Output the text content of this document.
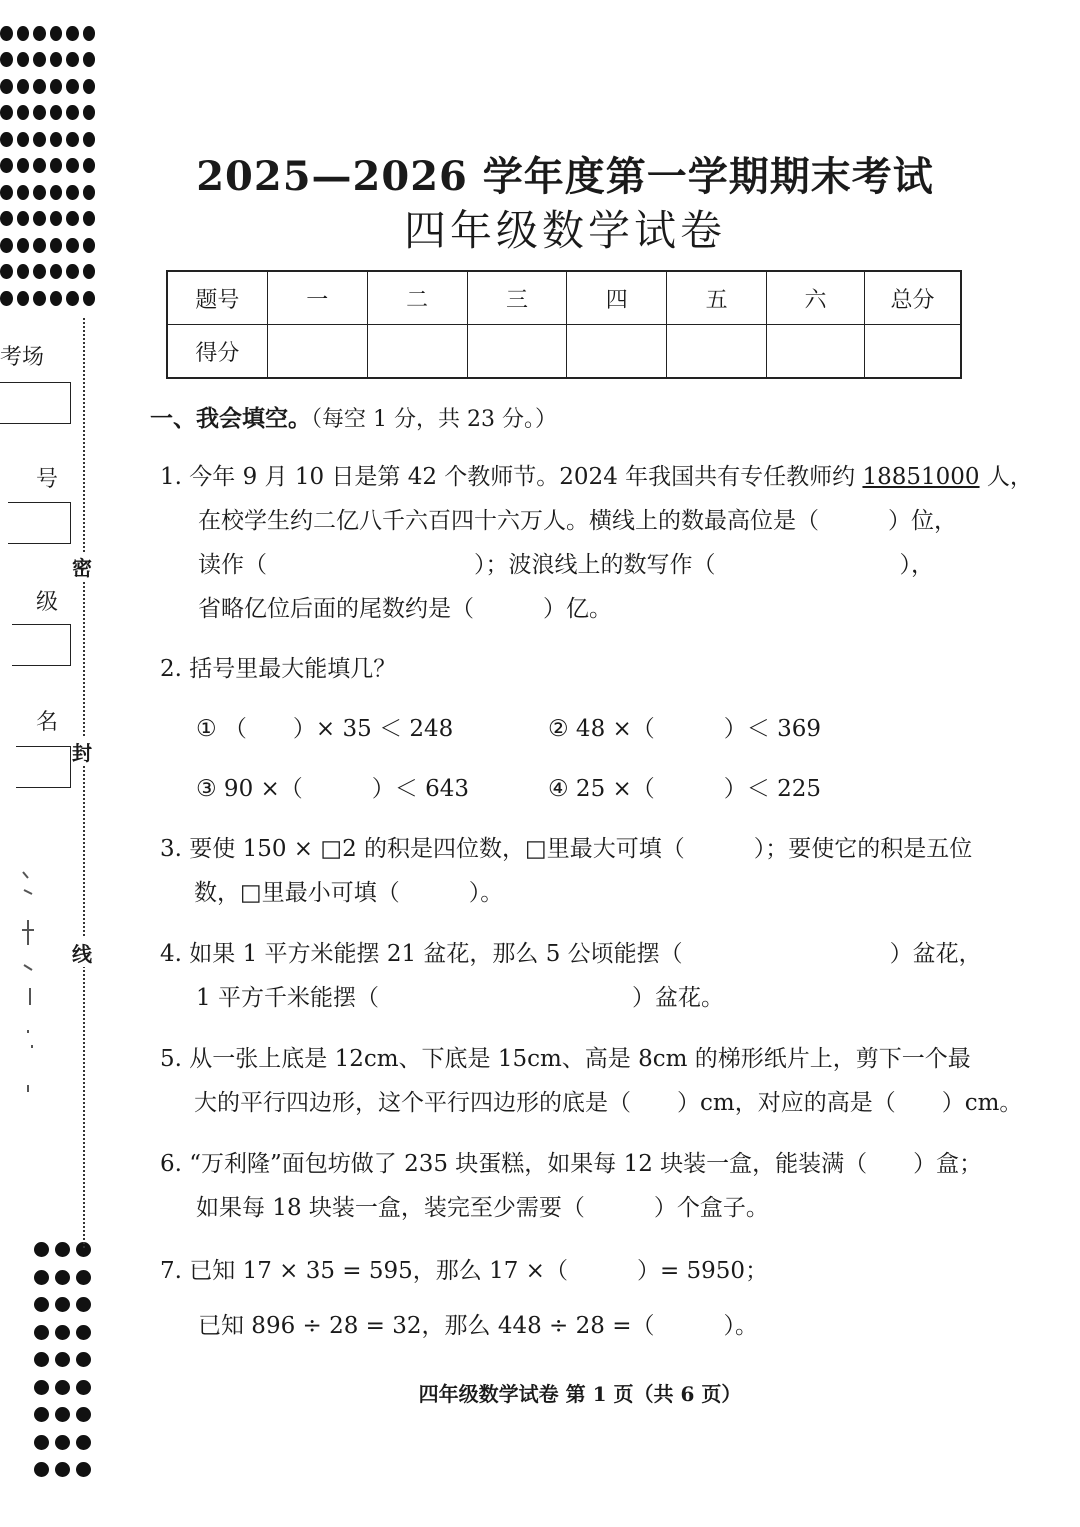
考场
号
级
名
密
封
线
2025—2026 学年度第一学期期末考试
四年级数学试卷
题号	一	二	三	四	五	六	总分
得分							
一、我会填空。（每空 1 分，共 23 分。）
1. 今年 9 月 10 日是第 42 个教师节。2024 年我国共有专任教师约 18851000 人，
在校学生约二亿八千六百四十六万人。横线上的数最高位是（　　　）位，
读作（　　　　　　　　　）；波浪线上的数写作（　　　　　　　　），
省略亿位后面的尾数约是（　　　）亿。
2. 括号里最大能填几？
① （　　）× 35 ＜ 248	② 48 ×（　　　）＜ 369
③ 90 ×（　　　）＜ 643	④ 25 ×（　　　）＜ 225
3. 要使 150 × □2 的积是四位数，□里最大可填（　　　）；要使它的积是五位
数，□里最小可填（　　　）。
4. 如果 1 平方米能摆 21 盆花，那么 5 公顷能摆（　　　　　　　　　）盆花，
1 平方千米能摆（　　　　　　　　　　　）盆花。
5. 从一张上底是 12cm、下底是 15cm、高是 8cm 的梯形纸片上，剪下一个最
大的平行四边形，这个平行四边形的底是（　　）cm，对应的高是（　　）cm。
6. “万利隆”面包坊做了 235 块蛋糕，如果每 12 块装一盒，能装满（　　）盒；
如果每 18 块装一盒，装完至少需要（　　　）个盒子。
7. 已知 17 × 35 = 595，那么 17 ×（　　　）= 5950；
已知 896 ÷ 28 = 32，那么 448 ÷ 28 =（　　　）。
四年级数学试卷 第 1 页（共 6 页）
